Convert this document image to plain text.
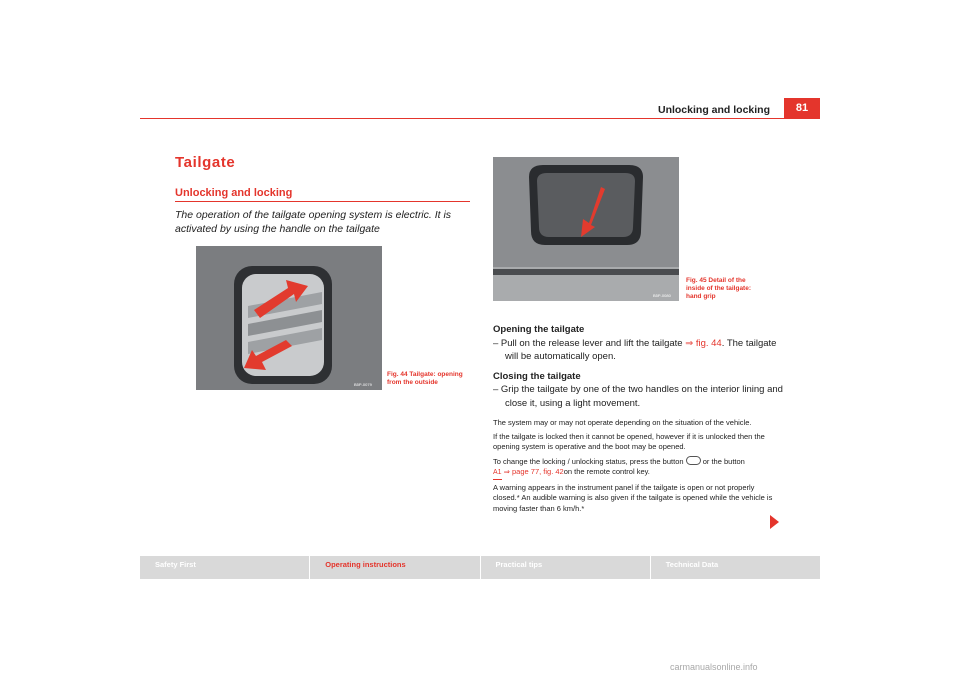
Unlocking and locking	81
Tailgate
Unlocking and locking
The operation of the tailgate opening system is electric. It is activated by using the handle on the tailgate
B5P-0079
Fig. 44 Tailgate: opening
from the outside
B5P-0080
Fig. 45 Detail of the
inside of the tailgate:
hand grip
Opening the tailgate
– Pull on the release lever and lift the tailgate ⇒ fig. 44. The tailgate will be automatically open.
Closing the tailgate
– Grip the tailgate by one of the two handles on the interior lining and close it, using a light movement.

The system may or may not operate depending on the situation of the vehicle.

If the tailgate is locked then it cannot be opened, however if it is unlocked then the opening system is operative and the boot may be opened.

To change the locking / unlocking status, press the button  or the button
A1 ⇒ page 77, fig. 42on the remote control key.

A warning appears in the instrument panel if the tailgate is open or not properly closed.* An audible warning is also given if the tailgate is opened while the vehicle is moving faster than 6 km/h.*

Safety First	Operating instructions	Practical tips	Technical Data
carmanualsonline.info
